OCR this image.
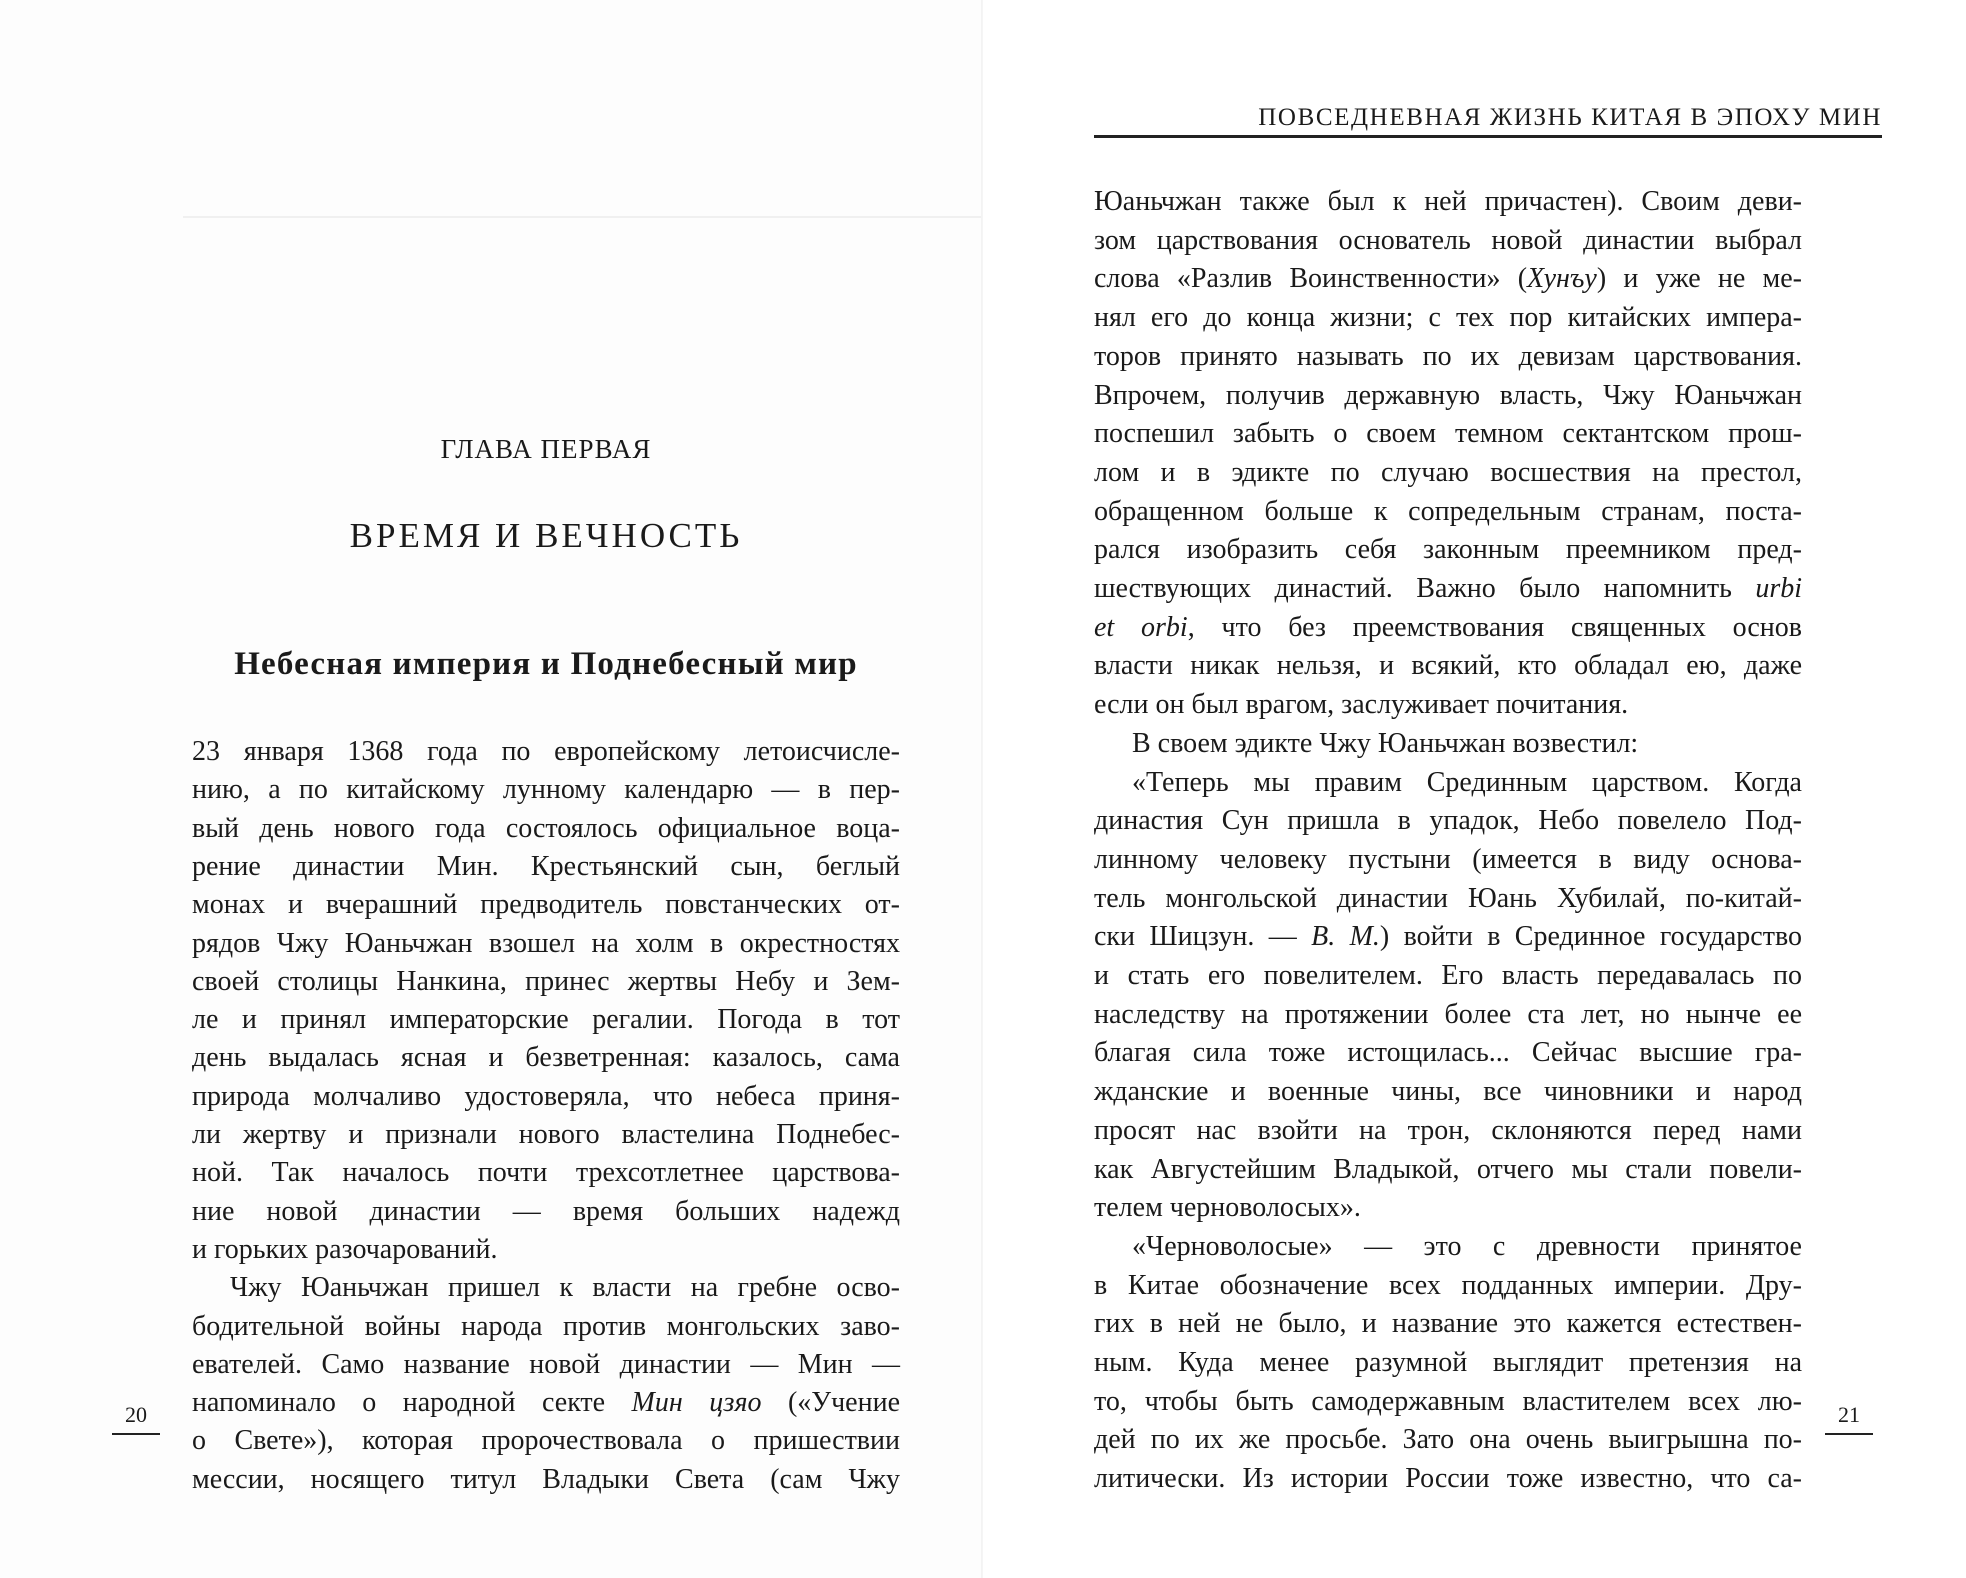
ГЛАВА ПЕРВАЯ
ВРЕМЯ И ВЕЧНОСТЬ
Небесная империя и Поднебесный мир
23 января 1368 года по европейскому летоисчисле-
нию, а по китайскому лунному календарю — в пер-
вый день нового года состоялось официальное воца-
рение династии Мин. Крестьянский сын, беглый
монах и вчерашний предводитель повстанческих от-
рядов Чжу Юаньчжан взошел на холм в окрестностях
своей столицы Нанкина, принес жертвы Небу и Зем-
ле и принял императорские регалии. Погода в тот
день выдалась ясная и безветренная: казалось, сама
природа молчаливо удостоверяла, что небеса приня-
ли жертву и признали нового властелина Поднебес-
ной. Так началось почти трехсотлетнее царствова-
ние новой династии — время больших надежд
и горьких разочарований.
Чжу Юаньчжан пришел к власти на гребне осво-
бодительной войны народа против монгольских заво-
евателей. Само название новой династии — Мин —
напоминало о народной секте Мин цзяо («Учение
о Свете»), которая пророчествовала о пришествии
мессии, носящего титул Владыки Света (сам Чжу
20
ПОВСЕДНЕВНАЯ ЖИЗНЬ КИТАЯ В ЭПОХУ МИН
Юаньчжан также был к ней причастен). Своим деви-
зом царствования основатель новой династии выбрал
слова «Разлив Воинственности» (Хунъу) и уже не ме-
нял его до конца жизни; с тех пор китайских импера-
торов принято называть по их девизам царствования.
Впрочем, получив державную власть, Чжу Юаньчжан
поспешил забыть о своем темном сектантском прош-
лом и в эдикте по случаю восшествия на престол,
обращенном больше к сопредельным странам, поста-
рался изобразить себя законным преемником пред-
шествующих династий. Важно было напомнить urbi
et orbi, что без преемствования священных основ
власти никак нельзя, и всякий, кто обладал ею, даже
если он был врагом, заслуживает почитания.
В своем эдикте Чжу Юаньчжан возвестил:
«Теперь мы правим Срединным царством. Когда
династия Сун пришла в упадок, Небо повелело Под-
линному человеку пустыни (имеется в виду основа-
тель монгольской династии Юань Хубилай, по-китай-
ски Шицзун. — В. М.) войти в Срединное государство
и стать его повелителем. Его власть передавалась по
наследству на протяжении более ста лет, но нынче ее
благая сила тоже истощилась... Сейчас высшие гра-
жданские и военные чины, все чиновники и народ
просят нас взойти на трон, склоняются перед нами
как Августейшим Владыкой, отчего мы стали повели-
телем черноволосых».
«Черноволосые» — это с древности принятое
в Китае обозначение всех подданных империи. Дру-
гих в ней не было, и название это кажется естествен-
ным. Куда менее разумной выглядит претензия на
то, чтобы быть самодержавным властителем всех лю-
дей по их же просьбе. Зато она очень выигрышна по-
литически. Из истории России тоже известно, что са-
21
